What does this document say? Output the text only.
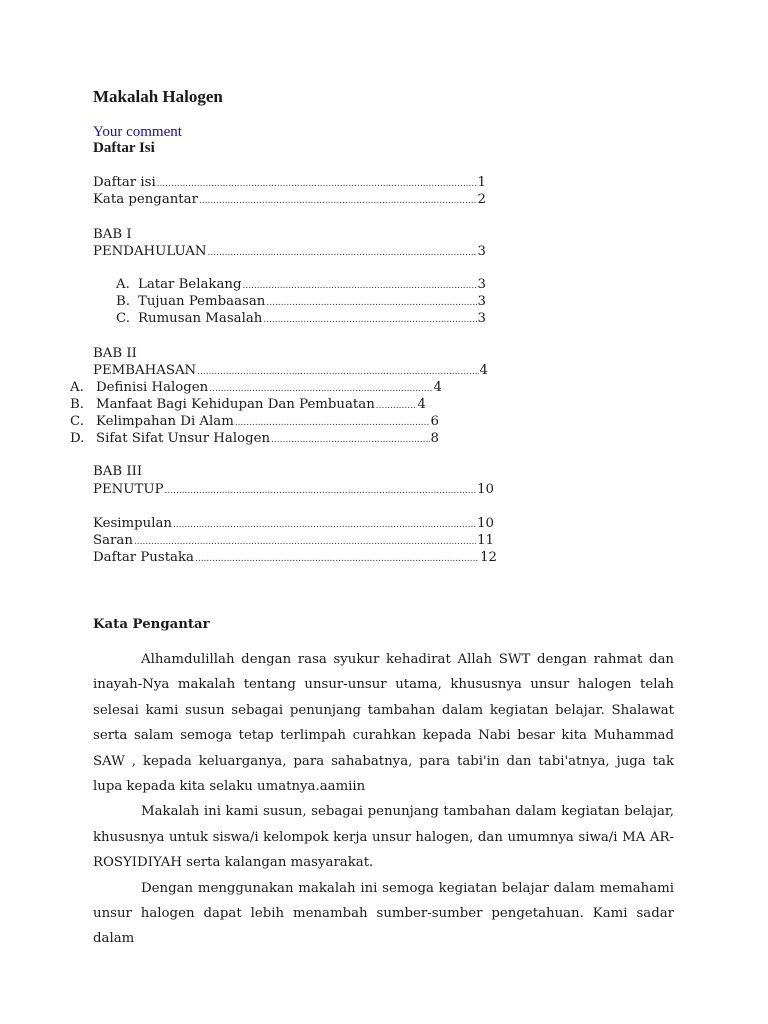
Makalah Halogen
Your comment
Daftar Isi
Daftar isi .....	1
Kata pengantar .....	2
BAB I
PENDAHULUAN .....	3
A. Latar Belakang .....	3
B. Tujuan Pembaasan .....	3
C. Rumusan Masalah .....	3
BAB II
PEMBAHASAN .....	4
A. Definisi Halogen .....	4
B. Manfaat Bagi Kehidupan Dan Pembuatan .....	4
C. Kelimpahan Di Alam .....	6
D. Sifat Sifat Unsur Halogen .....	8
BAB III
PENUTUP .....	10
Kesimpulan .....	10
Saran .....	11
Daftar Pustaka .....	12
Kata Pengantar

Alhamdulillah dengan rasa syukur kehadirat Allah SWT dengan rahmat dan inayah-Nya makalah tentang unsur-unsur utama, khususnya unsur halogen telah selesai kami susun sebagai penunjang tambahan dalam kegiatan belajar. Shalawat serta salam semoga tetap terlimpah curahkan kepada Nabi besar kita Muhammad SAW , kepada keluarganya, para sahabatnya, para tabi'in dan tabi'atnya, juga tak lupa kepada kita selaku umatnya.aamiin

Makalah ini kami susun, sebagai penunjang tambahan dalam kegiatan belajar, khususnya untuk siswa/i kelompok kerja unsur halogen, dan umumnya siwa/i MA AR-ROSYIDIYAH serta kalangan masyarakat.

Dengan menggunakan makalah ini semoga kegiatan belajar dalam memahami unsur halogen dapat lebih menambah sumber-sumber pengetahuan. Kami sadar dalam
